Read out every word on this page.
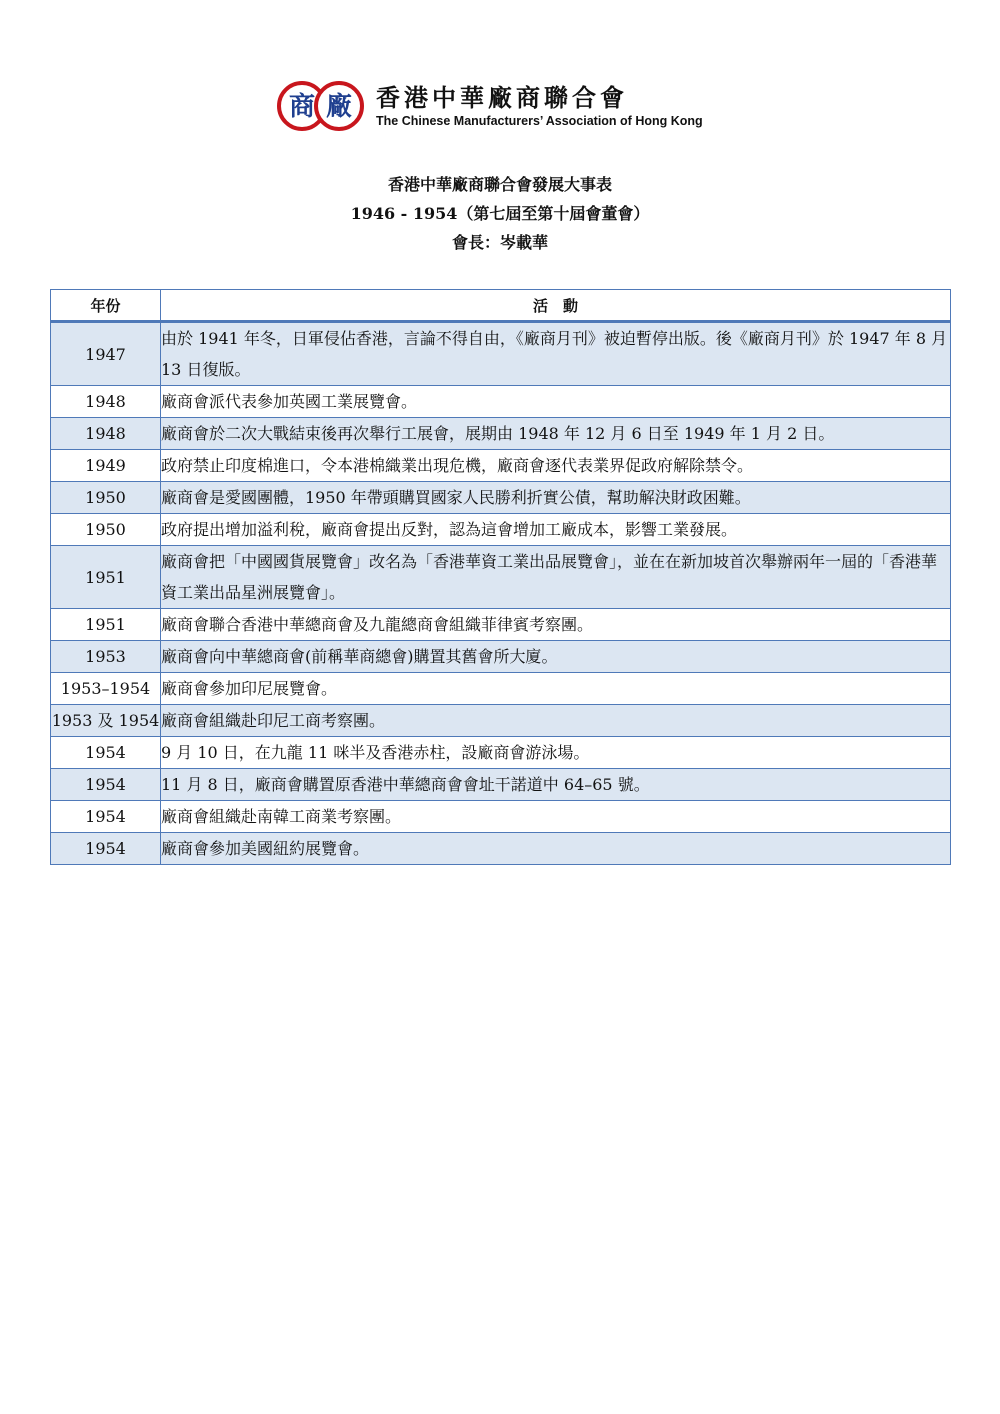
商 廠 香港中華廠商聯合會
The Chinese Manufacturers’ Association of Hong Kong
香港中華廠商聯合會發展大事表
1946 - 1954（第七屆至第十屆會董會）
會長：岑載華
年份	活　動
1947	由於 1941 年冬，日軍侵佔香港，言論不得自由，《廠商月刊》被迫暫停出版。後《廠商月刊》於 1947 年 8 月 13 日復版。
1948	廠商會派代表參加英國工業展覽會。
1948	廠商會於二次大戰結束後再次舉行工展會，展期由 1948 年 12 月 6 日至 1949 年 1 月 2 日。
1949	政府禁止印度棉進口，令本港棉織業出現危機，廠商會逐代表業界促政府解除禁令。
1950	廠商會是愛國團體，1950 年帶頭購買國家人民勝利折實公債，幫助解決財政困難。
1950	政府提出增加溢利稅，廠商會提出反對，認為這會增加工廠成本，影響工業發展。
1951	廠商會把「中國國貨展覽會」改名為「香港華資工業出品展覽會」，並在在新加坡首次舉辦兩年一屆的「香港華資工業出品星洲展覽會」。
1951	廠商會聯合香港中華總商會及九龍總商會組織菲律賓考察團。
1953	廠商會向中華總商會(前稱華商總會)購置其舊會所大廈。
1953–1954	廠商會參加印尼展覽會。
1953 及 1954	廠商會組織赴印尼工商考察團。
1954	9 月 10 日，在九龍 11 咪半及香港赤柱，設廠商會游泳場。
1954	11 月 8 日，廠商會購置原香港中華總商會會址干諾道中 64–65 號。
1954	廠商會組織赴南韓工商業考察團。
1954	廠商會參加美國紐約展覽會。
